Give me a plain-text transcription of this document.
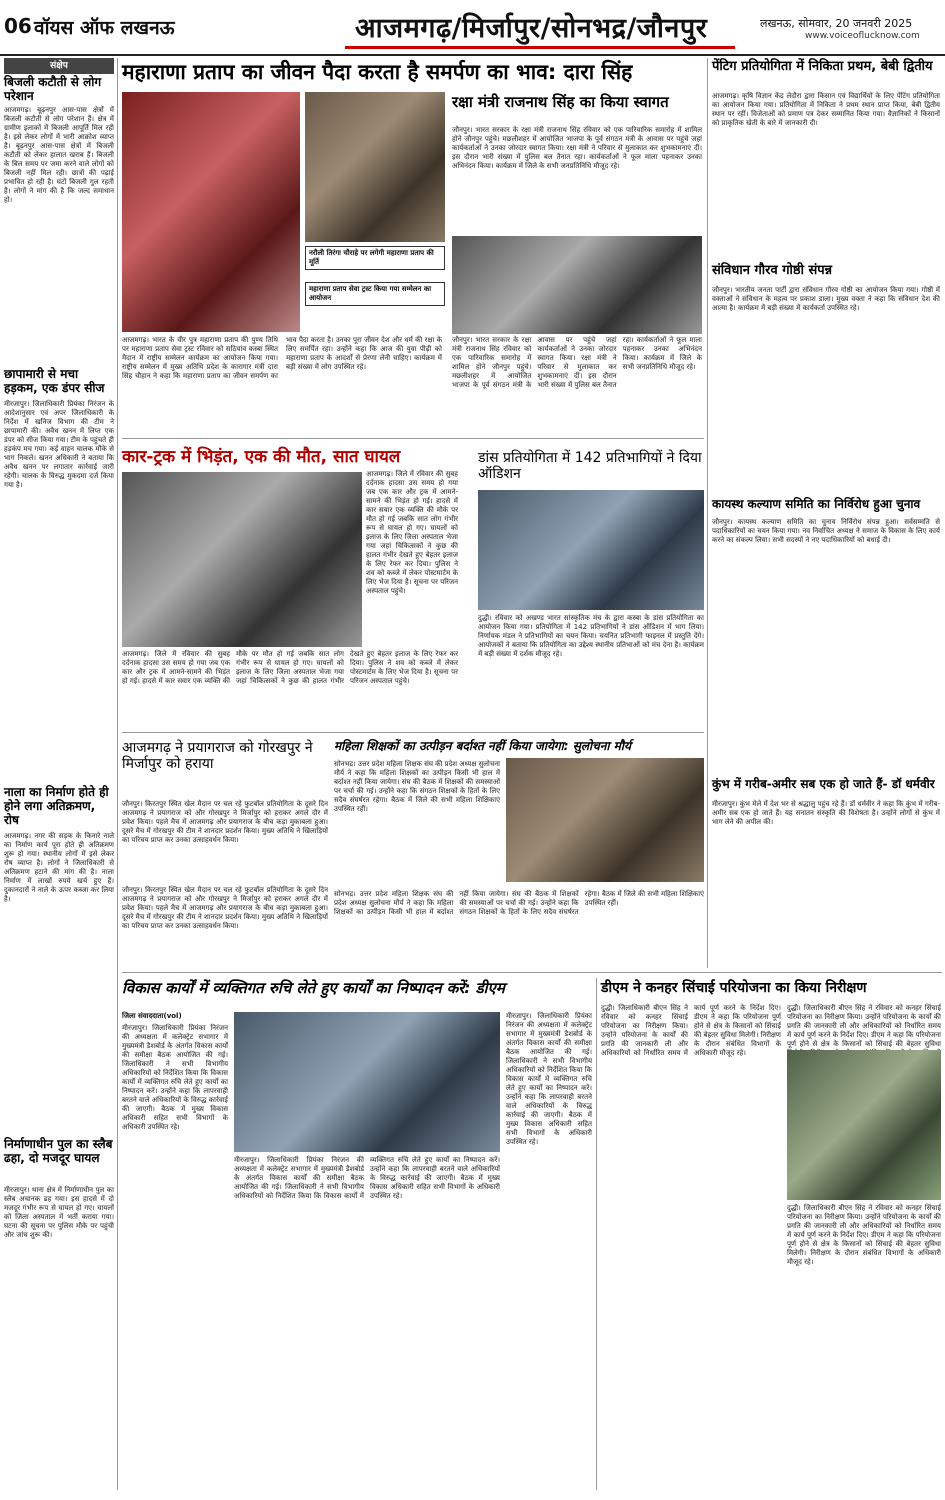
06 वॉयस ऑफ लखनऊ	आजमगढ़/मिर्जापुर/सोनभद्र/जौनपुर	लखनऊ, सोमवार, 20 जनवरी 2025
www.voiceoflucknow.com
संक्षेप
बिजली कटौती से लोग परेशान
आजमगढ़। बूढ़नपुर आस-पास क्षेत्रों में बिजली कटौती से लोग परेशान हैं। क्षेत्र में ग्रामीण इलाकों में बिजली आपूर्ति मिल रही है। इसे लेकर लोगों में भारी आक्रोश व्याप्त है। बूढ़नपुर आस-पास क्षेत्रों में बिजली कटौती को लेकर हालात खराब हैं। बिजली के बिल समय पर जमा करने वाले लोगों को बिजली नहीं मिल रही। छात्रों की पढ़ाई प्रभावित हो रही है। घंटों बिजली गुल रहती है। लोगों ने मांग की है कि जल्द समाधान हो।
छापामारी से मचा हड़कम, एक डंपर सीज
मीरजापुर। जिलाधिकारी प्रियंका निरंजन के आदेशानुसार एवं अपर जिलाधिकारी के निर्देश में खनिज विभाग की टीम ने छापामारी की। अवैध खनन में लिप्त एक डंपर को सीज किया गया। टीम के पहुंचते ही हड़कंप मच गया। कई वाहन चालक मौके से भाग निकले। खनन अधिकारी ने बताया कि अवैध खनन पर लगातार कार्रवाई जारी रहेगी। चालक के विरुद्ध मुकदमा दर्ज किया गया है।
नाला का निर्माण होते ही होने लगा अतिक्रमण, रोष
आजमगढ़। नगर की सड़क के किनारे नाले का निर्माण कार्य पूरा होते ही अतिक्रमण शुरू हो गया। स्थानीय लोगों में इसे लेकर रोष व्याप्त है। लोगों ने जिलाधिकारी से अतिक्रमण हटाने की मांग की है। नाला निर्माण में लाखों रुपये खर्च हुए हैं। दुकानदारों ने नाले के ऊपर कब्जा कर लिया है।
निर्माणाधीन पुल का स्लैब ढहा, दो मजदूर घायल
मीरजापुर। थाना क्षेत्र में निर्माणाधीन पुल का स्लैब अचानक ढह गया। इस हादसे में दो मजदूर गंभीर रूप से घायल हो गए। घायलों को जिला अस्पताल में भर्ती कराया गया। घटना की सूचना पर पुलिस मौके पर पहुंची और जांच शुरू की।
महाराणा प्रताप का जीवन पैदा करता है समर्पण का भाव: दारा सिंह
नरौली तिरंगा चौराहे पर लगेगी महाराणा प्रताप की मूर्ति
महाराणा प्रताप सेवा ट्रस्ट किया गया सम्मेलन का आयोजन
आजमगढ़। भारत के वीर पुत्र महाराणा प्रताप की पुण्य तिथि पर महाराणा प्रताप सेवा ट्रस्ट रविवार को सठियांव कस्बा स्थित मैदान में राष्ट्रीय सम्मेलन कार्यक्रम का आयोजन किया गया। राष्ट्रीय सम्मेलन में मुख्य अतिथि प्रदेश के कारागार मंत्री दारा सिंह चौहान ने कहा कि महाराणा प्रताप का जीवन समर्पण का भाव पैदा करता है। उनका पूरा जीवन देश और धर्म की रक्षा के लिए समर्पित रहा। उन्होंने कहा कि आज की युवा पीढ़ी को महाराणा प्रताप के आदर्शों से प्रेरणा लेनी चाहिए। कार्यक्रम में बड़ी संख्या में लोग उपस्थित रहे।
रक्षा मंत्री राजनाथ सिंह का किया स्वागत
जौनपुर। भारत सरकार के रक्षा मंत्री राजनाथ सिंह रविवार को एक पारिवारिक समारोह में शामिल होने जौनपुर पहुंचे। मछलीशहर में आयोजित भाजपा के पूर्व संगठन मंत्री के आवास पर पहुंचे जहां कार्यकर्ताओं ने उनका जोरदार स्वागत किया। रक्षा मंत्री ने परिवार से मुलाकात कर शुभकामनाएं दीं। इस दौरान भारी संख्या में पुलिस बल तैनात रहा। कार्यकर्ताओं ने फूल माला पहनाकर उनका अभिनंदन किया। कार्यक्रम में जिले के सभी जनप्रतिनिधि मौजूद रहे।
जौनपुर। भारत सरकार के रक्षा मंत्री राजनाथ सिंह रविवार को एक पारिवारिक समारोह में शामिल होने जौनपुर पहुंचे। मछलीशहर में आयोजित भाजपा के पूर्व संगठन मंत्री के आवास पर पहुंचे जहां कार्यकर्ताओं ने उनका जोरदार स्वागत किया। रक्षा मंत्री ने परिवार से मुलाकात कर शुभकामनाएं दीं। इस दौरान भारी संख्या में पुलिस बल तैनात रहा। कार्यकर्ताओं ने फूल माला पहनाकर उनका अभिनंदन किया। कार्यक्रम में जिले के सभी जनप्रतिनिधि मौजूद रहे।
कार-ट्रक में भिड़ंत, एक की मौत, सात घायल
आजमगढ़। जिले में रविवार की सुबह दर्दनाक हादसा उस समय हो गया जब एक कार और ट्रक में आमने-सामने की भिड़ंत हो गई। हादसे में कार सवार एक व्यक्ति की मौके पर मौत हो गई जबकि सात लोग गंभीर रूप से घायल हो गए। घायलों को इलाज के लिए जिला अस्पताल भेजा गया जहां चिकित्सकों ने कुछ की हालत गंभीर देखते हुए बेहतर इलाज के लिए रेफर कर दिया। पुलिस ने शव को कब्जे में लेकर पोस्टमार्टम के लिए भेज दिया है। सूचना पर परिजन अस्पताल पहुंचे।
आजमगढ़। जिले में रविवार की सुबह दर्दनाक हादसा उस समय हो गया जब एक कार और ट्रक में आमने-सामने की भिड़ंत हो गई। हादसे में कार सवार एक व्यक्ति की मौके पर मौत हो गई जबकि सात लोग गंभीर रूप से घायल हो गए। घायलों को इलाज के लिए जिला अस्पताल भेजा गया जहां चिकित्सकों ने कुछ की हालत गंभीर देखते हुए बेहतर इलाज के लिए रेफर कर दिया। पुलिस ने शव को कब्जे में लेकर पोस्टमार्टम के लिए भेज दिया है। सूचना पर परिजन अस्पताल पहुंचे।
डांस प्रतियोगिता में 142 प्रतिभागियों ने दिया ऑडिशन
दुद्धी। रविवार को अखण्ड भारत सांस्कृतिक मंच के द्वारा कस्बा के डांस प्रतियोगिता का आयोजन किया गया। प्रतियोगिता में 142 प्रतिभागियों ने डांस ऑडिशन में भाग लिया। निर्णायक मंडल ने प्रतिभागियों का चयन किया। चयनित प्रतिभागी फाइनल में प्रस्तुति देंगे। आयोजकों ने बताया कि प्रतियोगिता का उद्देश्य स्थानीय प्रतिभाओं को मंच देना है। कार्यक्रम में बड़ी संख्या में दर्शक मौजूद रहे।
आजमगढ़ ने प्रयागराज को गोरखपुर ने मिर्जापुर को हराया
जौनपुर। किरतपुर स्थित खेल मैदान पर चल रहे फुटबॉल प्रतियोगिता के दूसरे दिन आजमगढ़ ने प्रयागराज को और गोरखपुर ने मिर्जापुर को हराकर अगले दौर में प्रवेश किया। पहले मैच में आजमगढ़ और प्रयागराज के बीच कड़ा मुकाबला हुआ। दूसरे मैच में गोरखपुर की टीम ने शानदार प्रदर्शन किया। मुख्य अतिथि ने खिलाड़ियों का परिचय प्राप्त कर उनका उत्साहवर्धन किया।
महिला शिक्षकों का उत्पीड़न बर्दाश्त नहीं किया जायेगा: सुलोचना मौर्य
सोनभद्र। उत्तर प्रदेश महिला शिक्षक संघ की प्रदेश अध्यक्ष सुलोचना मौर्य ने कहा कि महिला शिक्षकों का उत्पीड़न किसी भी हाल में बर्दाश्त नहीं किया जायेगा। संघ की बैठक में शिक्षकों की समस्याओं पर चर्चा की गई। उन्होंने कहा कि संगठन शिक्षकों के हितों के लिए सदैव संघर्षरत रहेगा। बैठक में जिले की सभी महिला शिक्षिकाएं उपस्थित रहीं।
सोनभद्र। उत्तर प्रदेश महिला शिक्षक संघ की प्रदेश अध्यक्ष सुलोचना मौर्य ने कहा कि महिला शिक्षकों का उत्पीड़न किसी भी हाल में बर्दाश्त नहीं किया जायेगा। संघ की बैठक में शिक्षकों की समस्याओं पर चर्चा की गई। उन्होंने कहा कि संगठन शिक्षकों के हितों के लिए सदैव संघर्षरत रहेगा। बैठक में जिले की सभी महिला शिक्षिकाएं उपस्थित रहीं।
जौनपुर। किरतपुर स्थित खेल मैदान पर चल रहे फुटबॉल प्रतियोगिता के दूसरे दिन आजमगढ़ ने प्रयागराज को और गोरखपुर ने मिर्जापुर को हराकर अगले दौर में प्रवेश किया। पहले मैच में आजमगढ़ और प्रयागराज के बीच कड़ा मुकाबला हुआ। दूसरे मैच में गोरखपुर की टीम ने शानदार प्रदर्शन किया। मुख्य अतिथि ने खिलाड़ियों का परिचय प्राप्त कर उनका उत्साहवर्धन किया।
पेंटिग प्रतियोगिता में निकिता प्रथम, बेबी द्वितीय
आजमगढ़। कृषि विज्ञान केंद्र लेदौरा द्वारा किसान एवं विद्यार्थियों के लिए पेंटिंग प्रतियोगिता का आयोजन किया गया। प्रतियोगिता में निकिता ने प्रथम स्थान प्राप्त किया, बेबी द्वितीय स्थान पर रहीं। विजेताओं को प्रमाण पत्र देकर सम्मानित किया गया। वैज्ञानिकों ने किसानों को प्राकृतिक खेती के बारे में जानकारी दी।
संविधान गौरव गोष्ठी संपन्न
जौनपुर। भारतीय जनता पार्टी द्वारा संविधान गौरव गोष्ठी का आयोजन किया गया। गोष्ठी में वक्ताओं ने संविधान के महत्व पर प्रकाश डाला। मुख्य वक्ता ने कहा कि संविधान देश की आत्मा है। कार्यक्रम में बड़ी संख्या में कार्यकर्ता उपस्थित रहे।
कायस्थ कल्याण समिति का निर्विरोध हुआ चुनाव
जौनपुर। कायस्थ कल्याण समिति का चुनाव निर्विरोध संपन्न हुआ। सर्वसम्मति से पदाधिकारियों का चयन किया गया। नव निर्वाचित अध्यक्ष ने समाज के विकास के लिए कार्य करने का संकल्प लिया। सभी सदस्यों ने नए पदाधिकारियों को बधाई दी।
कुंभ में गरीब-अमीर सब एक हो जाते हैं- डॉ धर्मवीर
मीरजापुर। कुंभ मेले में देश भर से श्रद्धालु पहुंच रहे हैं। डॉ धर्मवीर ने कहा कि कुंभ में गरीब-अमीर सब एक हो जाते हैं। यह सनातन संस्कृति की विशेषता है। उन्होंने लोगों से कुंभ में भाग लेने की अपील की।
विकास कार्यों में व्यक्तिगत रुचि लेते हुए कार्यों का निष्पादन करें: डीएम
जिला संवाददाता(vol)
मीरजापुर। जिलाधिकारी प्रियंका निरंजन की अध्यक्षता में कलेक्ट्रेट सभागार में मुख्यमंत्री डैशबोर्ड के अंतर्गत विकास कार्यों की समीक्षा बैठक आयोजित की गई। जिलाधिकारी ने सभी विभागीय अधिकारियों को निर्देशित किया कि विकास कार्यों में व्यक्तिगत रुचि लेते हुए कार्यों का निष्पादन करें। उन्होंने कहा कि लापरवाही बरतने वाले अधिकारियों के विरुद्ध कार्रवाई की जाएगी। बैठक में मुख्य विकास अधिकारी सहित सभी विभागों के अधिकारी उपस्थित रहे।
मीरजापुर। जिलाधिकारी प्रियंका निरंजन की अध्यक्षता में कलेक्ट्रेट सभागार में मुख्यमंत्री डैशबोर्ड के अंतर्गत विकास कार्यों की समीक्षा बैठक आयोजित की गई। जिलाधिकारी ने सभी विभागीय अधिकारियों को निर्देशित किया कि विकास कार्यों में व्यक्तिगत रुचि लेते हुए कार्यों का निष्पादन करें। उन्होंने कहा कि लापरवाही बरतने वाले अधिकारियों के विरुद्ध कार्रवाई की जाएगी। बैठक में मुख्य विकास अधिकारी सहित सभी विभागों के अधिकारी उपस्थित रहे।
मीरजापुर। जिलाधिकारी प्रियंका निरंजन की अध्यक्षता में कलेक्ट्रेट सभागार में मुख्यमंत्री डैशबोर्ड के अंतर्गत विकास कार्यों की समीक्षा बैठक आयोजित की गई। जिलाधिकारी ने सभी विभागीय अधिकारियों को निर्देशित किया कि विकास कार्यों में व्यक्तिगत रुचि लेते हुए कार्यों का निष्पादन करें। उन्होंने कहा कि लापरवाही बरतने वाले अधिकारियों के विरुद्ध कार्रवाई की जाएगी। बैठक में मुख्य विकास अधिकारी सहित सभी विभागों के अधिकारी उपस्थित रहे।
डीएम ने कनहर सिंचाई परियोजना का किया निरीक्षण
दुद्धी। जिलाधिकारी बीएन सिंह ने रविवार को कनहर सिंचाई परियोजना का निरीक्षण किया। उन्होंने परियोजना के कार्यों की प्रगति की जानकारी ली और अधिकारियों को निर्धारित समय में कार्य पूर्ण करने के निर्देश दिए। डीएम ने कहा कि परियोजना पूर्ण होने से क्षेत्र के किसानों को सिंचाई की बेहतर सुविधा मिलेगी। निरीक्षण के दौरान संबंधित विभागों के अधिकारी मौजूद रहे।
दुद्धी। जिलाधिकारी बीएन सिंह ने रविवार को कनहर सिंचाई परियोजना का निरीक्षण किया। उन्होंने परियोजना के कार्यों की प्रगति की जानकारी ली और अधिकारियों को निर्धारित समय में कार्य पूर्ण करने के निर्देश दिए। डीएम ने कहा कि परियोजना पूर्ण होने से क्षेत्र के किसानों को सिंचाई की बेहतर सुविधा
दुद्धी। जिलाधिकारी बीएन सिंह ने रविवार को कनहर सिंचाई परियोजना का निरीक्षण किया। उन्होंने परियोजना के कार्यों की प्रगति की जानकारी ली और अधिकारियों को निर्धारित समय में कार्य पूर्ण करने के निर्देश दिए। डीएम ने कहा कि परियोजना पूर्ण होने से क्षेत्र के किसानों को सिंचाई की बेहतर सुविधा मिलेगी। निरीक्षण के दौरान संबंधित विभागों के अधिकारी मौजूद रहे।
